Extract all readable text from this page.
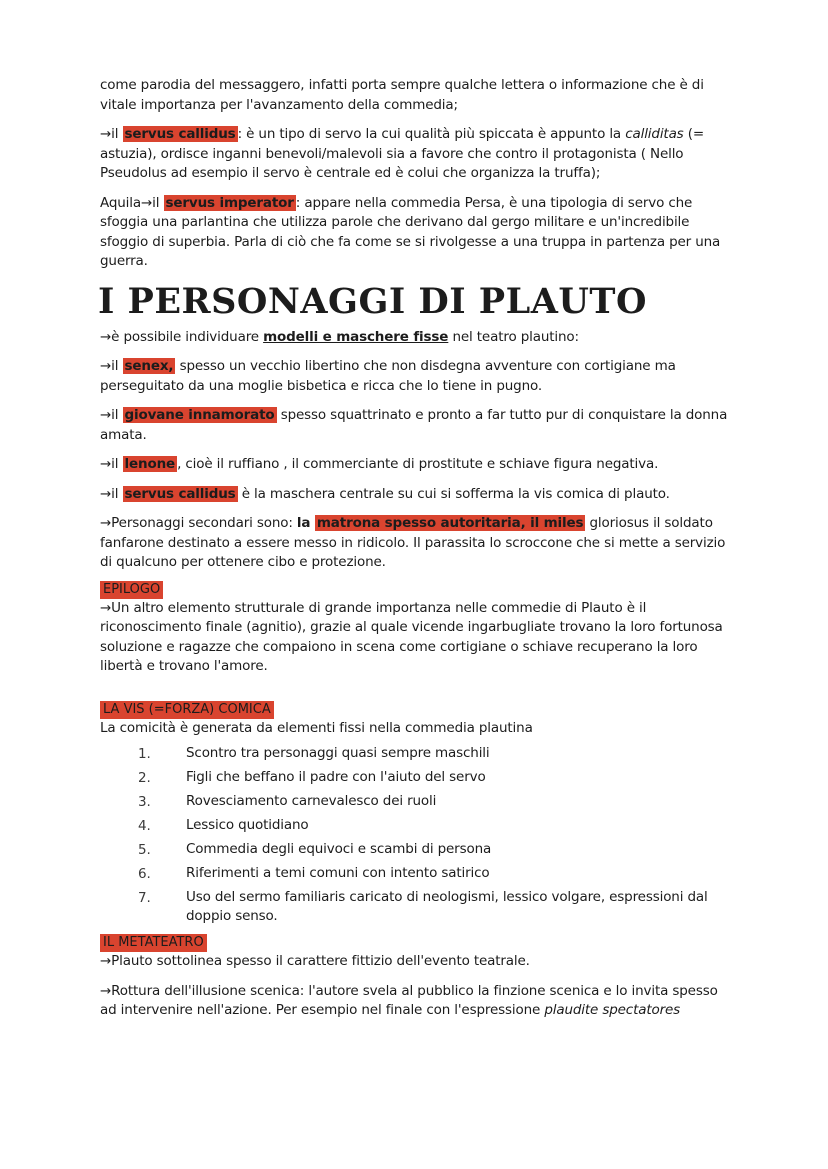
come parodia del messaggero, infatti porta sempre qualche lettera o informazione che è di vitale importanza per l'avanzamento della commedia;

→il servus callidus : è un tipo di servo la cui qualità più spiccata è appunto la calliditas (= astuzia), ordisce inganni benevoli/malevoli sia a favore che contro il protagonista ( Nello Pseudolus ad esempio il servo è centrale ed è colui che organizza la truffa);

Aquila→il servus imperator : appare nella commedia Persa, è una tipologia di servo che sfoggia una parlantina che utilizza parole che derivano dal gergo militare e un'incredibile sfoggio di superbia. Parla di ciò che fa come se si rivolgesse a una truppa in partenza per una guerra.

I PERSONAGGI DI PLAUTO

→è possibile individuare modelli e maschere fisse nel teatro plautino:

→il senex, spesso un vecchio libertino che non disdegna avventure con cortigiane ma perseguitato da una moglie bisbetica e ricca che lo tiene in pugno.

→il giovane innamorato spesso squattrinato e pronto a far tutto pur di conquistare la donna amata.

→il lenone , cioè il ruffiano , il commerciante di prostitute e schiave figura negativa.

→il servus callidus è la maschera centrale su cui si sofferma la vis comica di plauto.

→Personaggi secondari sono: la matrona spesso autoritaria, il miles gloriosus il soldato fanfarone destinato a essere messo in ridicolo. Il parassita lo scroccone che si mette a servizio di qualcuno per ottenere cibo e protezione.

EPILOGO

→Un altro elemento strutturale di grande importanza nelle commedie di Plauto è il riconoscimento finale (agnitio), grazie al quale vicende ingarbugliate trovano la loro fortunosa soluzione e ragazze che compaiono in scena come cortigiane o schiave recuperano la loro libertà e trovano l'amore.

LA VIS (=FORZA) COMICA

La comicità è generata da elementi fissi nella commedia plautina

1.	Scontro tra personaggi quasi sempre maschili
2.	Figli che beffano il padre con l'aiuto del servo
3.	Rovesciamento carnevalesco dei ruoli
4.	Lessico quotidiano
5.	Commedia degli equivoci e scambi di persona
6.	Riferimenti a temi comuni con intento satirico
7.	Uso del sermo familiaris caricato di neologismi, lessico volgare, espressioni dal doppio senso.
IL METATEATRO

→Plauto sottolinea spesso il carattere fittizio dell'evento teatrale.

→Rottura dell'illusione scenica: l'autore svela al pubblico la finzione scenica e lo invita spesso ad intervenire nell'azione. Per esempio nel finale con l'espressione plaudite spectatores
